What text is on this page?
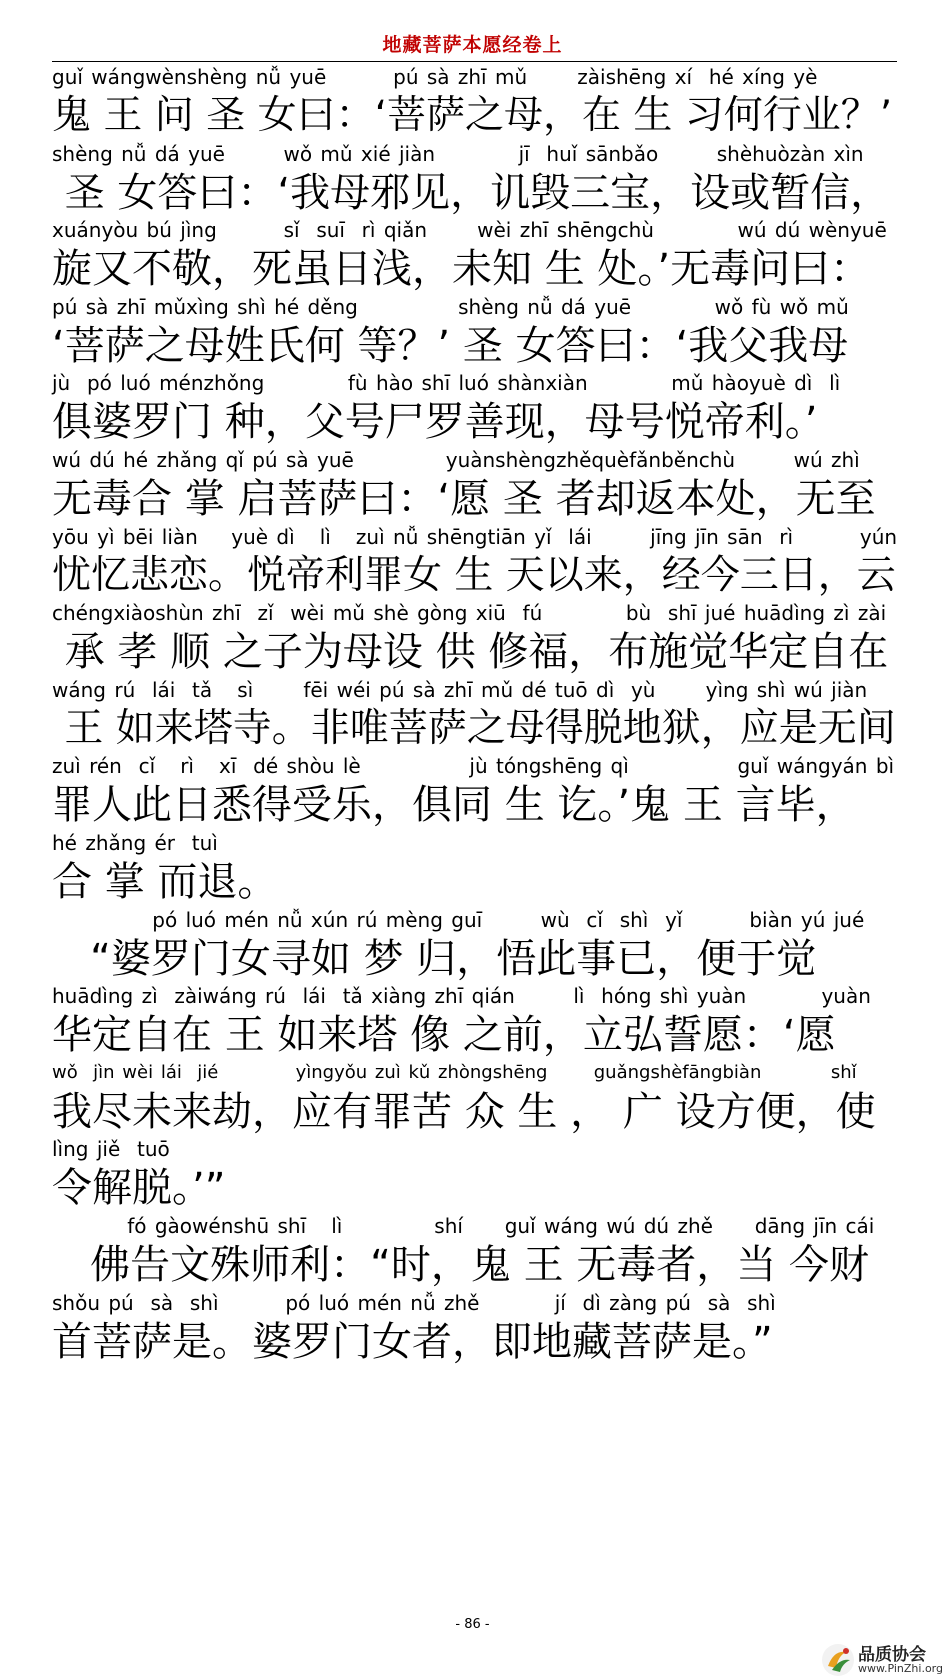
地藏菩萨本愿经卷上
guǐ wángwènshèng nǚ yuē        pú sà zhī mǔ      zàishēng xí  hé xíng yè
鬼 王 问 圣 女曰：‘菩萨之母，在 生 习何行业？’
shèng nǚ dá yuē       wǒ mǔ xié jiàn          jī  huǐ sānbǎo       shèhuòzàn xìn
圣 女答曰：‘我母邪见，讥毁三宝，设或暂信，
xuányòu bú jìng        sǐ  suī  rì qiǎn      wèi zhī shēngchù          wú dú wènyuē
旋又不敬，死虽日浅，未知 生 处。’无毒问曰：
pú sà zhī mǔxìng shì hé děng            shèng nǚ dá yuē          wǒ fù wǒ mǔ
‘菩萨之母姓氏何 等？’ 圣 女答曰：‘我父我母
jù  pó luó ménzhǒng          fù hào shī luó shànxiàn          mǔ hàoyuè dì  lì
俱婆罗门 种，父号尸罗善现，母号悦帝利。’
wú dú hé zhǎng qǐ pú sà yuē           yuànshèngzhěquèfǎnběnchù       wú zhì
无毒合 掌 启菩萨曰：‘愿 圣 者却返本处，无至
yōu yì bēi liàn    yuè dì   lì   zuì nǚ shēngtiān yǐ  lái       jīng jīn sān  rì        yún
忧忆悲恋。悦帝利罪女 生 天以来，经今三日，云
chéngxiàoshùn zhī  zǐ  wèi mǔ shè gòng xiū  fú          bù  shī jué huādìng zì zài
承 孝 顺 之子为母设 供 修福，布施觉华定自在
wáng rú  lái  tǎ   sì      fēi wéi pú sà zhī mǔ dé tuō dì  yù      yìng shì wú jiàn
王 如来塔寺。非唯菩萨之母得脱地狱，应是无间
zuì rén  cǐ   rì   xī  dé shòu lè             jù tóngshēng qì             guǐ wángyán bì
罪人此日悉得受乐，俱同 生 讫。’鬼 王 言毕，
hé zhǎng ér  tuì
合 掌 而退。
pó luó mén nǚ xún rú mèng guī       wù  cǐ  shì  yǐ        biàn yú jué
“婆罗门女寻如 梦 归，悟此事已，便于觉
huādìng zì  zàiwáng rú  lái  tǎ xiàng zhī qián       lì  hóng shì yuàn         yuàn
华定自在 王 如来塔 像 之前，立弘誓愿：‘愿
wǒ  jìn wèi lái  jié          yìngyǒu zuì kǔ zhòngshēng      guǎngshèfāngbiàn         shǐ
我尽未来劫，应有罪苦 众 生 ， 广 设方便，使
lìng jiě  tuō
令解脱。’”
fó gàowénshū shī   lì           shí     guǐ wáng wú dú zhě     dāng jīn cái
佛告文殊师利：“时，鬼 王 无毒者，当 今财
shǒu pú  sà  shì        pó luó mén nǚ zhě         jí  dì zàng pú  sà  shì
首菩萨是。婆罗门女者，即地藏菩萨是。”
- 86 -
品质协会
www.PinZhi.org
